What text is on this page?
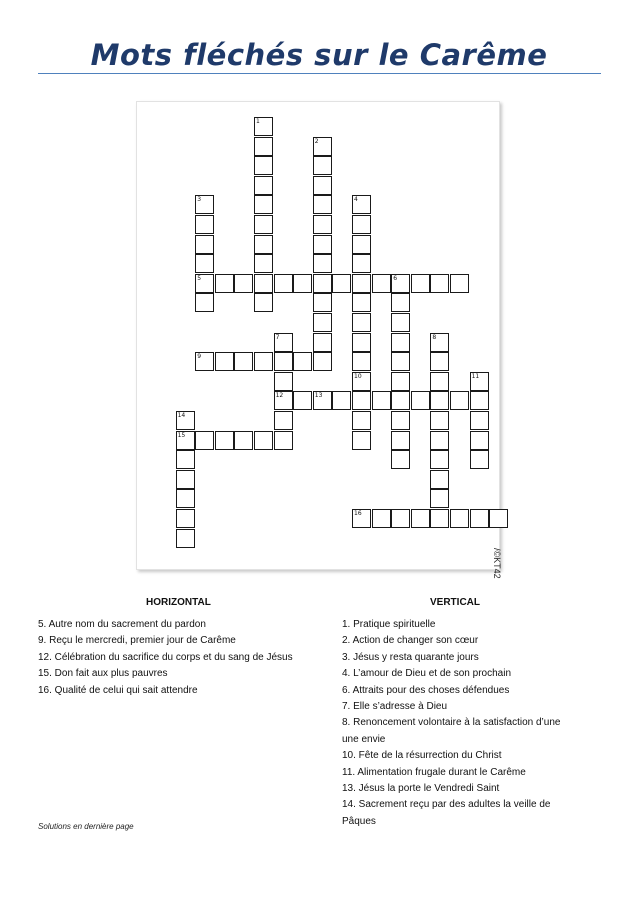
Mots fléchés sur le Carême
1
2
3	4
5	6
7	8
9
10	11
12	13
14
15
16
/©KT42
HORIZONTAL
5. Autre nom du sacrement du pardon
9. Reçu le mercredi, premier jour de Carême
12. Célébration du sacrifice du corps et du sang de Jésus
15. Don fait aux plus pauvres
16. Qualité de celui qui sait attendre
VERTICAL
1. Pratique spirituelle
2. Action de changer son cœur
3. Jésus y resta quarante jours
4. L’amour de Dieu et de son prochain
6. Attraits pour des choses défendues
7. Elle s’adresse à Dieu
8. Renoncement volontaire à la satisfaction d’une
une envie
10. Fête de la résurrection du Christ
11. Alimentation frugale durant le Carême
13. Jésus la porte le Vendredi Saint
14. Sacrement reçu par des adultes la veille de
Pâques
Solutions en dernière page
